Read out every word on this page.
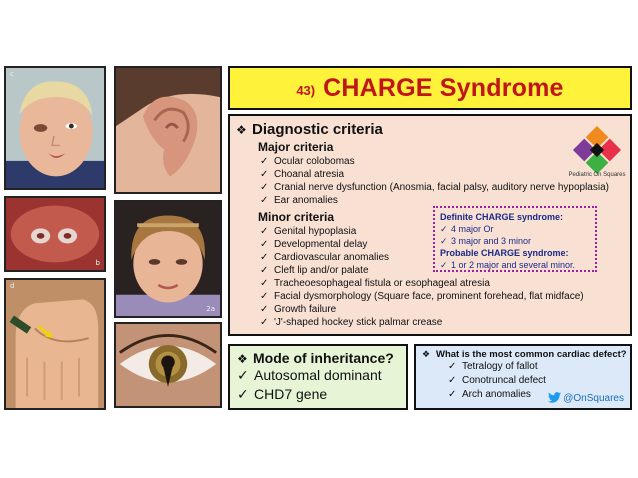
c
b
2a
d
43) CHARGE Syndrome
❖ Diagnostic criteria
Major criteria
✓ Ocular colobomas
✓ Choanal atresia
✓ Cranial nerve dysfunction (Anosmia, facial palsy, auditory nerve hypoplasia)
✓ Ear anomalies
Minor criteria
✓ Genital hypoplasia
✓ Developmental delay
✓ Cardiovascular anomalies
✓ Cleft lip and/or palate
✓ Tracheoesophageal fistula or esophageal atresia
✓ Facial dysmorphology (Square face, prominent forehead, flat midface)
✓ Growth failure
✓ 'J'-shaped hockey stick palmar crease
Definite CHARGE syndrome:
✓ 4 major Or
✓ 3 major and 3 minor
Probable CHARGE syndrome:
✓ 1 or 2 major and several minor.
Pediatric On Squares
❖ Mode of inheritance?
✓ Autosomal dominant
✓ CHD7 gene
❖ What is the most common cardiac defect?
✓ Tetralogy of fallot
✓ Conotruncal defect
✓ Arch anomalies	@OnSquares
